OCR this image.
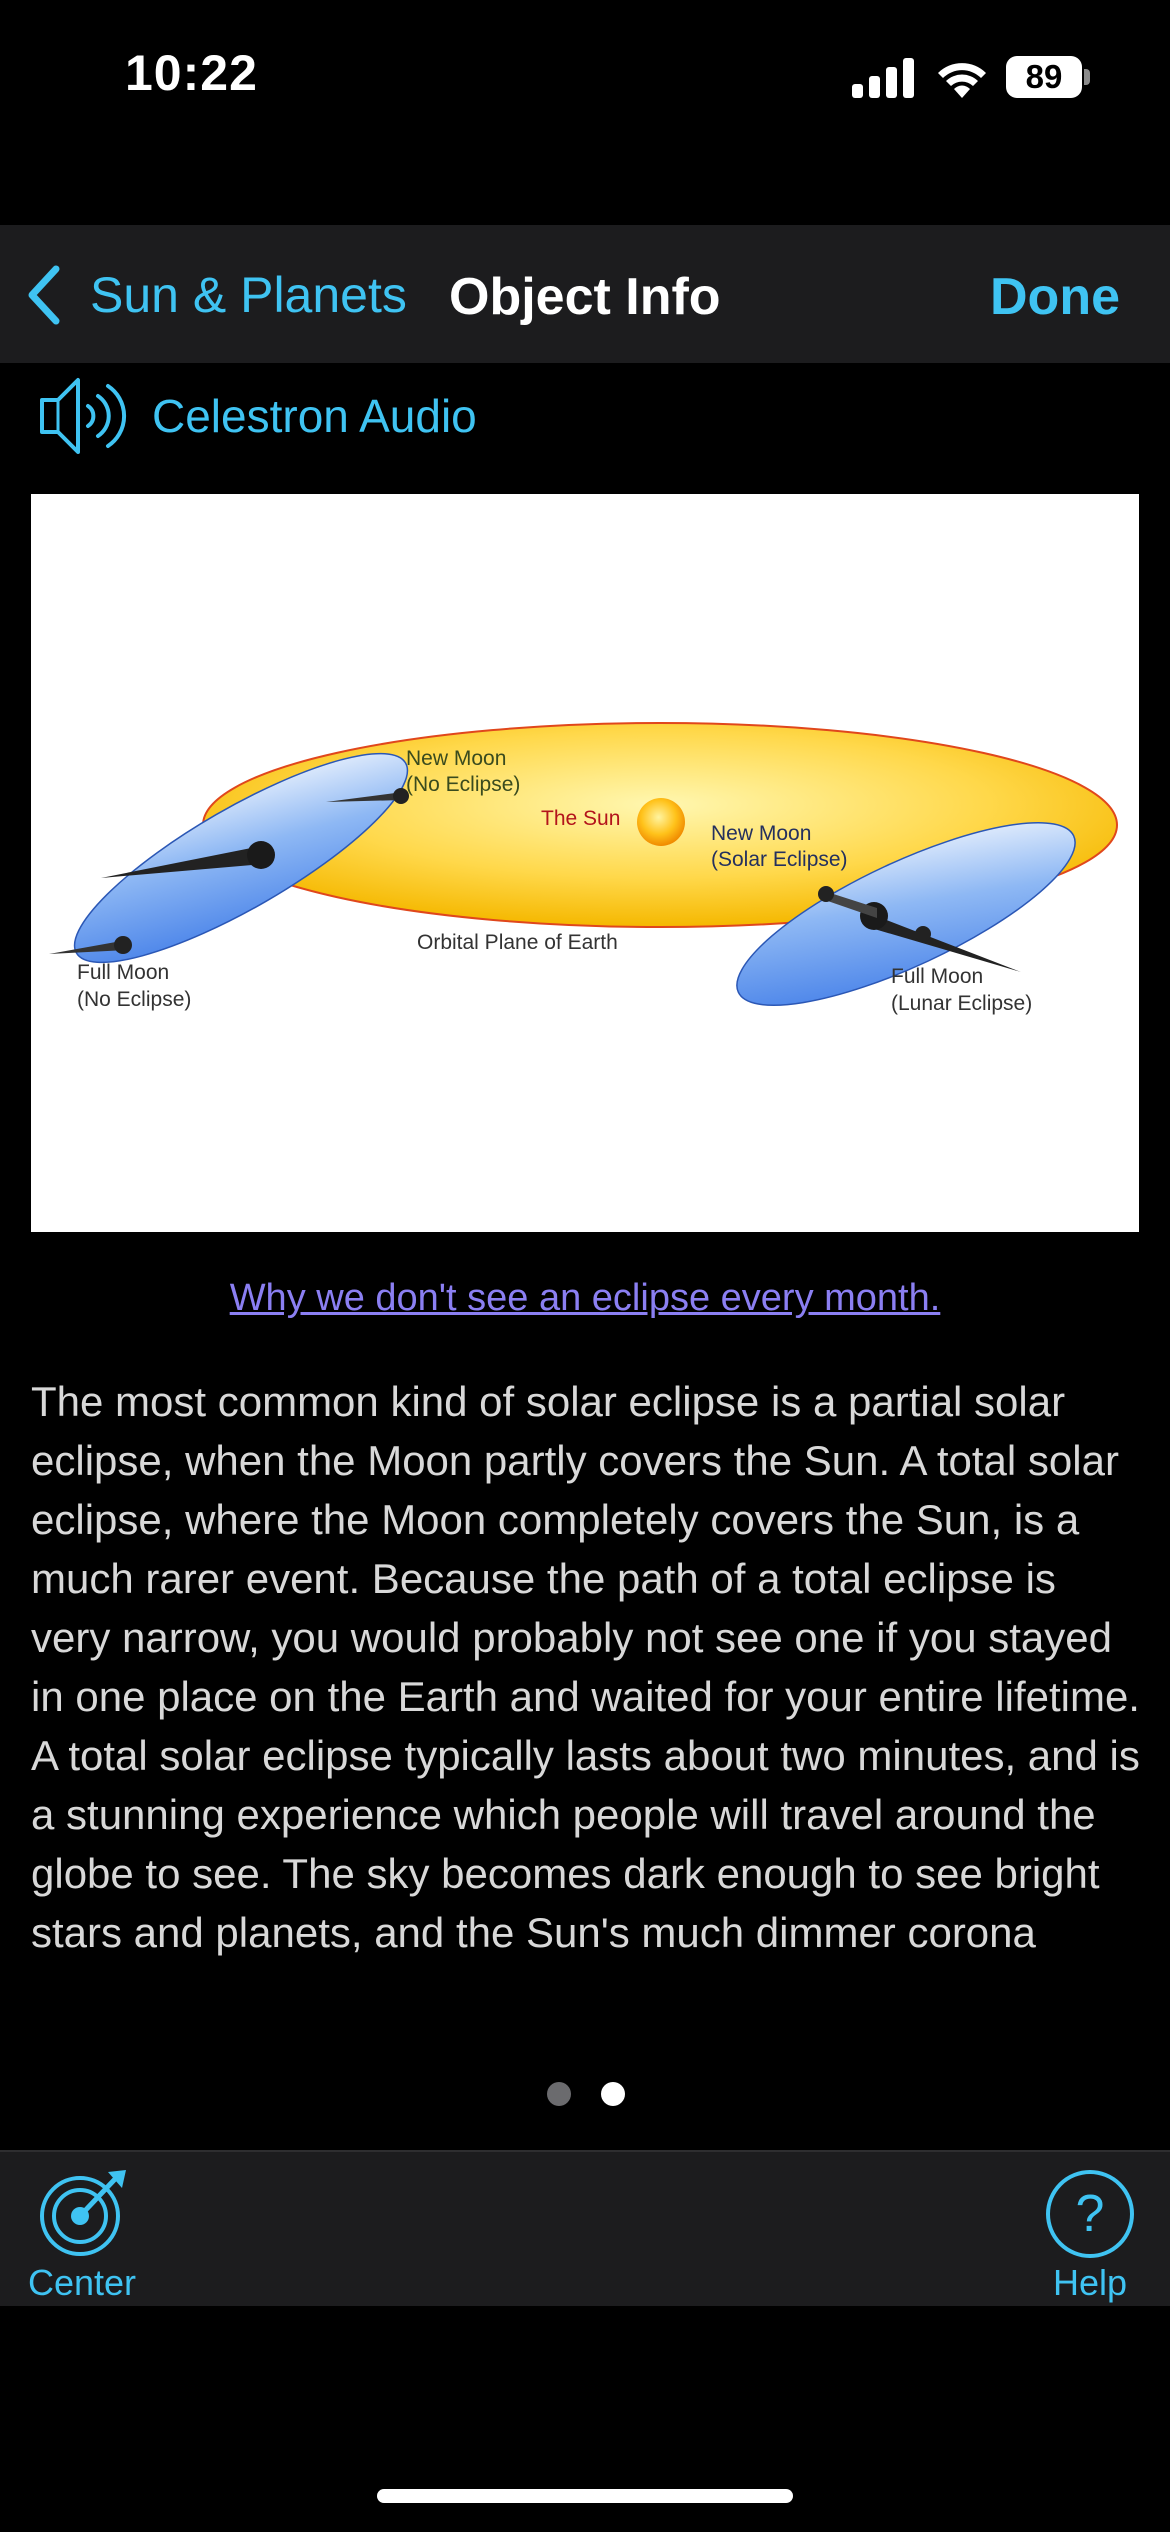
10:22	89
Sun & Planets Object Info	Done
Celestron Audio
New Moon
(No Eclipse)
The Sun
New Moon
(Solar Eclipse)
Orbital Plane of Earth
Full Moon
(No Eclipse)
Full Moon
(Lunar Eclipse)
Why we don't see an eclipse every month.
The most common kind of solar eclipse is a partial solar eclipse, when the Moon partly covers the Sun. A total solar eclipse, where the Moon completely covers the Sun, is a much rarer event. Because the path of a total eclipse is very narrow, you would probably not see one if you stayed in one place on the Earth and waited for your entire lifetime. A total solar eclipse typically lasts about two minutes, and is a stunning experience which people will travel around the globe to see. The sky becomes dark enough to see bright stars and planets, and the Sun's much dimmer corona
Center
?
Help
